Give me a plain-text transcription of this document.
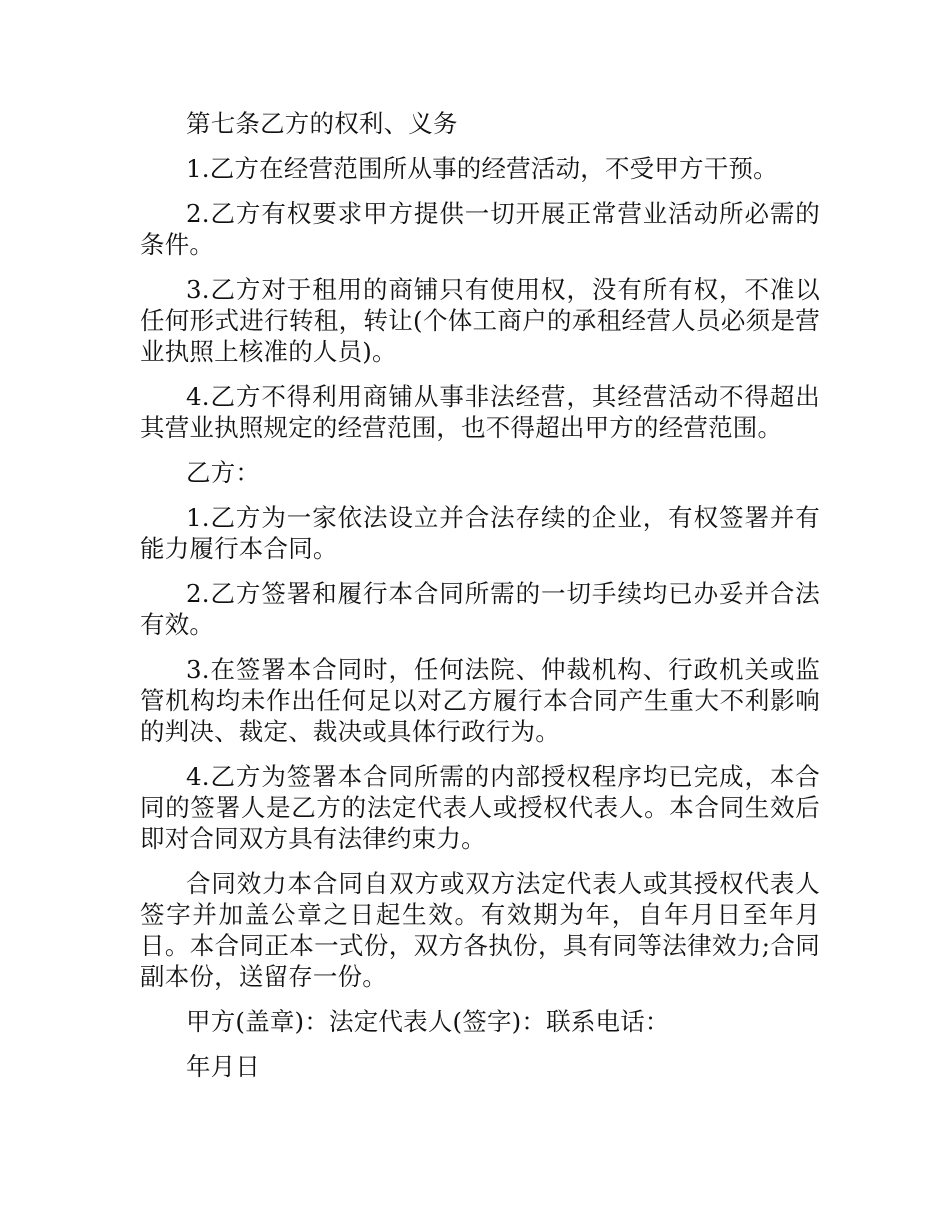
第七条乙方的权利、义务

1.乙方在经营范围所从事的经营活动，不受甲方干预。

2.乙方有权要求甲方提供一切开展正常营业活动所必需的条件。

3.乙方对于租用的商铺只有使用权，没有所有权，不准以任何形式进行转租，转让(个体工商户的承租经营人员必须是营业执照上核准的人员)。

4.乙方不得利用商铺从事非法经营，其经营活动不得超出其营业执照规定的经营范围，也不得超出甲方的经营范围。

乙方：

1.乙方为一家依法设立并合法存续的企业，有权签署并有能力履行本合同。

2.乙方签署和履行本合同所需的一切手续均已办妥并合法有效。

3.在签署本合同时，任何法院、仲裁机构、行政机关或监管机构均未作出任何足以对乙方履行本合同产生重大不利影响的判决、裁定、裁决或具体行政行为。

4.乙方为签署本合同所需的内部授权程序均已完成，本合同的签署人是乙方的法定代表人或授权代表人。本合同生效后即对合同双方具有法律约束力。

合同效力本合同自双方或双方法定代表人或其授权代表人签字并加盖公章之日起生效。有效期为年，自年月日至年月日。本合同正本一式份，双方各执份，具有同等法律效力;合同副本份，送留存一份。

甲方(盖章)：法定代表人(签字)：联系电话：

年月日
